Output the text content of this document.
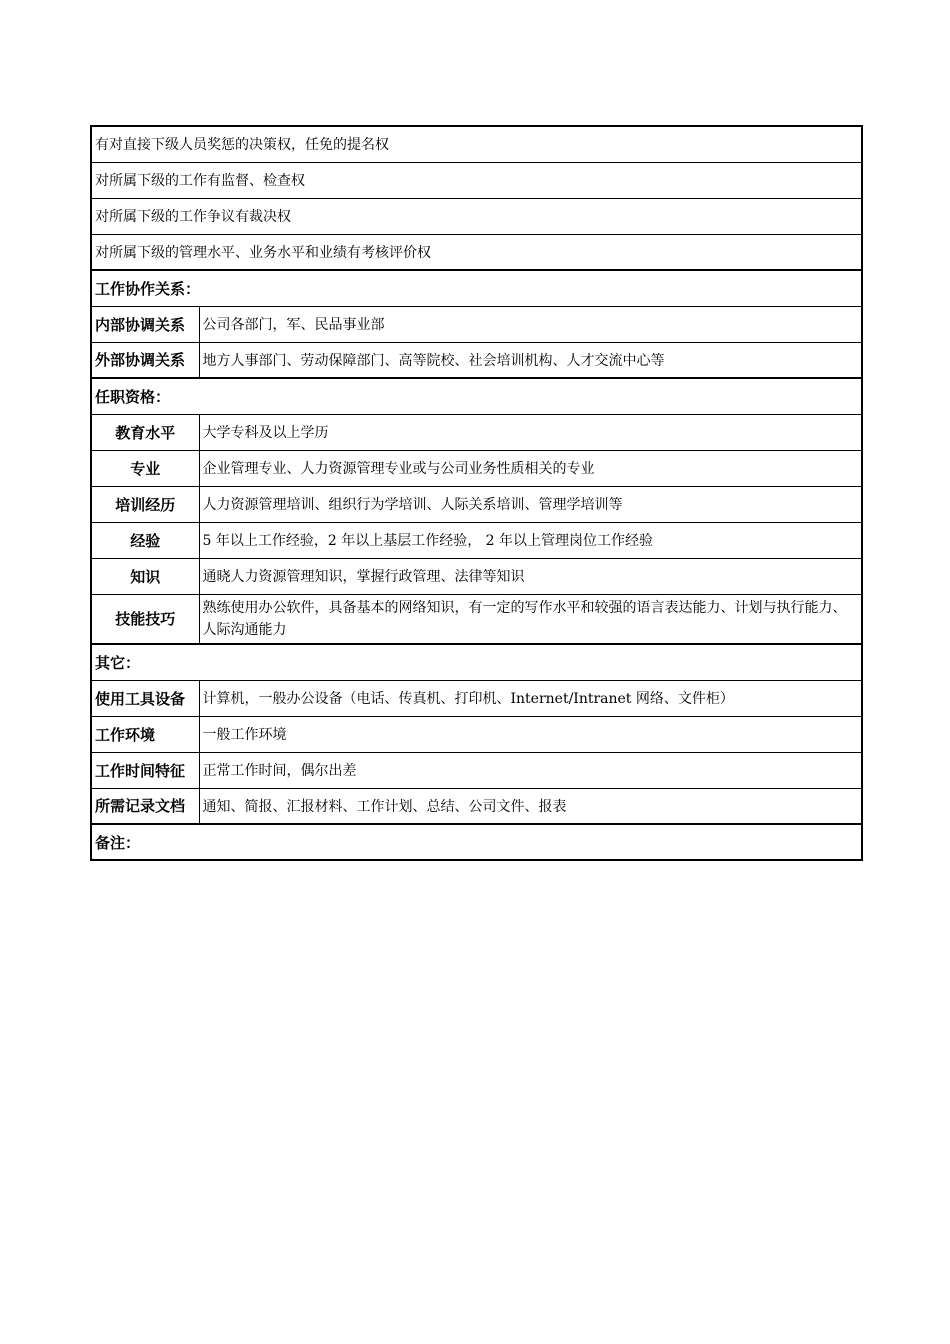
有对直接下级人员奖惩的决策权，任免的提名权	
对所属下级的工作有监督、检查权	
对所属下级的工作争议有裁决权	
对所属下级的管理水平、业务水平和业绩有考核评价权	
工作协作关系：	
内部协调关系	公司各部门，军、民品事业部
外部协调关系	地方人事部门、劳动保障部门、高等院校、社会培训机构、人才交流中心等
任职资格：	
教育水平	大学专科及以上学历
专业	企业管理专业、人力资源管理专业或与公司业务性质相关的专业
培训经历	人力资源管理培训、组织行为学培训、人际关系培训、管理学培训等
经验	5 年以上工作经验，2 年以上基层工作经验， 2 年以上管理岗位工作经验
知识	通晓人力资源管理知识，掌握行政管理、法律等知识
技能技巧	熟练使用办公软件，具备基本的网络知识，有一定的写作水平和较强的语言表达能力、计划与执行能力、人际沟通能力
其它：	
使用工具设备	计算机，一般办公设备（电话、传真机、打印机、Internet/Intranet 网络、文件柜）
工作环境	一般工作环境
工作时间特征	正常工作时间，偶尔出差
所需记录文档	通知、简报、汇报材料、工作计划、总结、公司文件、报表
备注：	
